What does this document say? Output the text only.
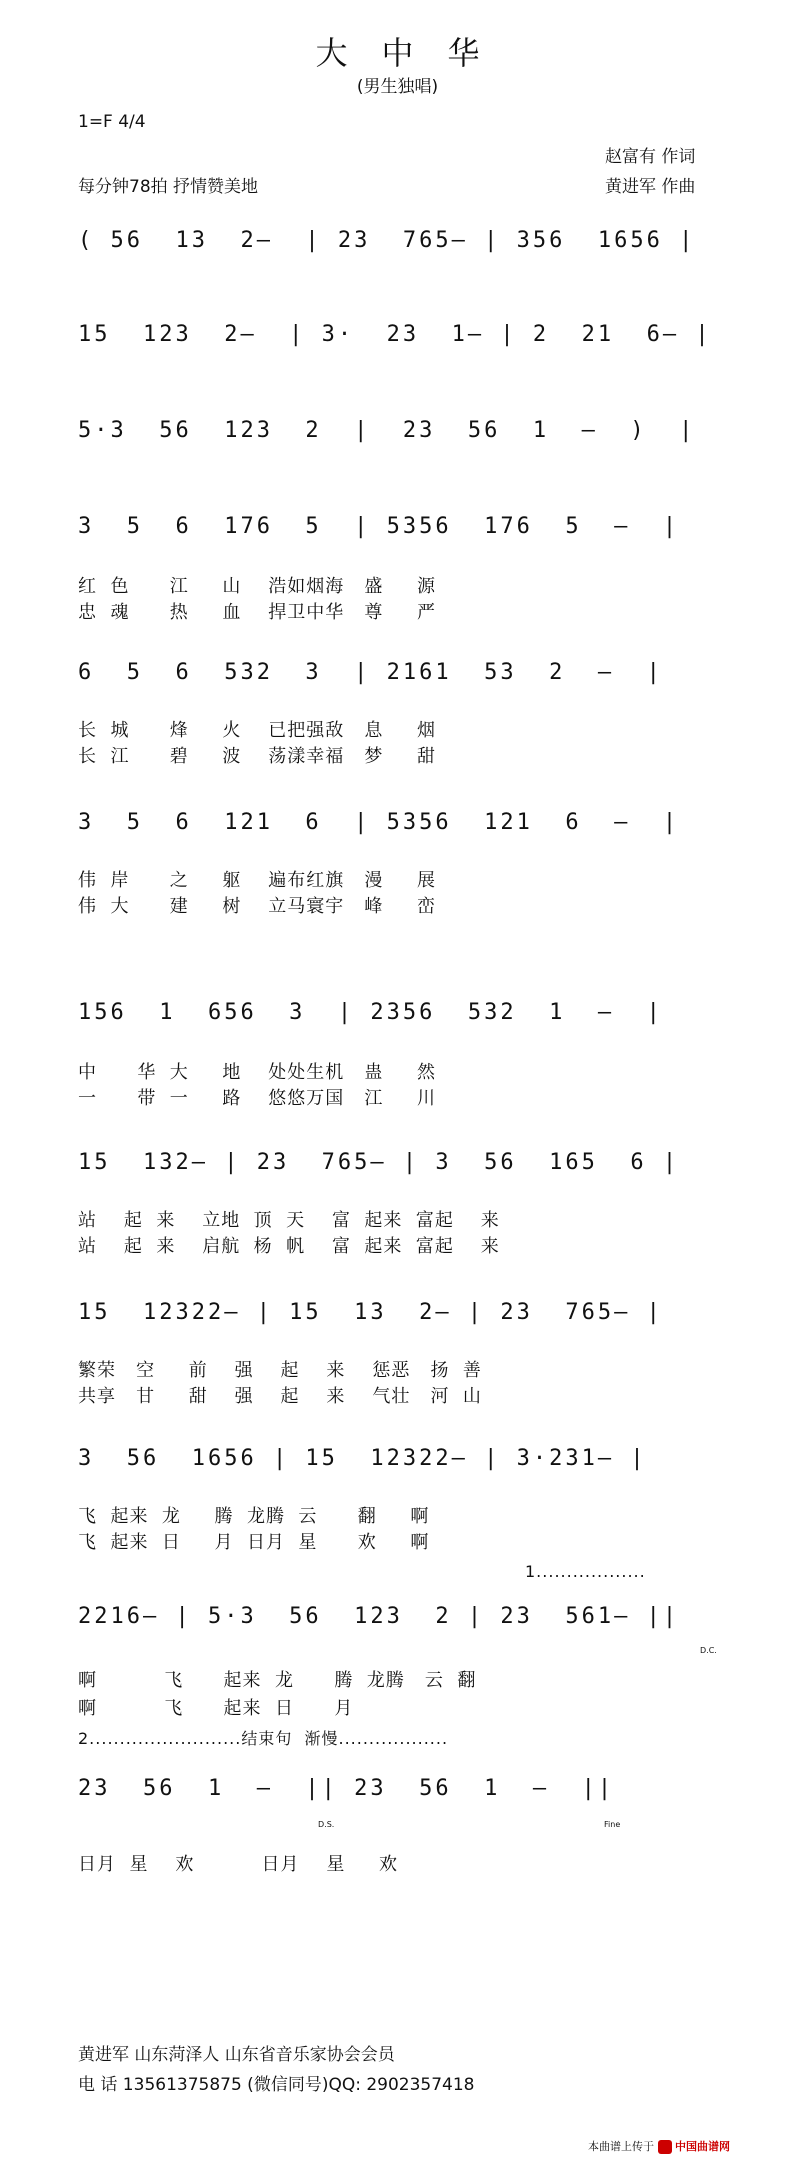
大中华
(男生独唱)
1=F 4/4
赵富有 作词
每分钟78拍 抒情赞美地	黄进军 作曲
( 56  13  2—  | 23  765— | 356  1656 |
15  123  2—  | 3·  23  1— | 2  21  6— |
5·3  56  123  2  |  23  56  1  —  )  |
3  5  6  176  5  | 5356  176  5  —  |
红  色      江     山    浩如烟海   盛     源
忠  魂      热     血    捍卫中华   尊     严
6  5  6  532  3  | 2161  53  2  —  |
长  城      烽     火    已把强敌   息     烟
长  江      碧     波    荡漾幸福   梦     甜
3  5  6  121  6  | 5356  121  6  —  |
伟  岸      之     躯    遍布红旗   漫     展
伟  大      建     树    立马寰宇   峰     峦
156  1  656  3  | 2356  532  1  —  |
中      华  大     地    处处生机   蛊     然
一      带  一     路    悠悠万国   江     川
15  132— | 23  765— | 3  56  165  6 |
站    起  来    立地  顶  天    富  起来  富起    来
站    起  来    启航  杨  帆    富  起来  富起    来
15  12322— | 15  13  2— | 23  765— |
繁荣   空     前    强    起    来    惩恶   扬  善
共享   甘     甜    强    起    来    气壮   河  山
3  56  1656 | 15  12322— | 3·231— |
飞  起来  龙     腾  龙腾  云      翻     啊
飞  起来  日     月  日月  星      欢     啊
1..................
2216— | 5·3  56  123  2 | 23  561— ||
D.C.
啊          飞      起来  龙      腾  龙腾   云  翻
啊          飞      起来  日      月
2.........................结束句  渐慢..................
23  56  1  —  || 23  56  1  —  ||
D.S.	Fine
日月  星    欢          日月    星     欢
黄进军 山东菏泽人 山东省音乐家协会会员
电 话 13561375875 (微信同号)QQ: 2902357418
本曲谱上传于 中国曲谱网
